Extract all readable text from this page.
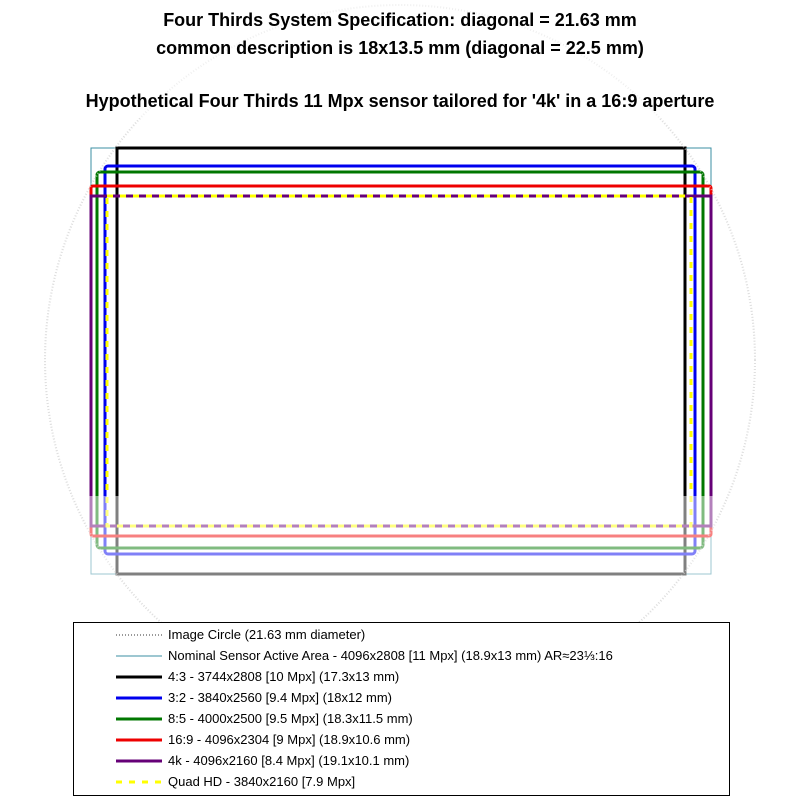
Four Thirds System Specification: diagonal = 21.63 mm
common description is 18x13.5 mm (diagonal = 22.5 mm)
Hypothetical Four Thirds 11 Mpx sensor tailored for '4k' in a 16:9 aperture
Image Circle (21.63 mm diameter)
Nominal Sensor Active Area - 4096x2808 [11 Mpx] (18.9x13 mm) AR≈23⅓:16
4:3 - 3744x2808 [10 Mpx] (17.3x13 mm)
3:2 - 3840x2560 [9.4 Mpx] (18x12 mm)
8:5 - 4000x2500 [9.5 Mpx] (18.3x11.5 mm)
16:9 - 4096x2304 [9 Mpx] (18.9x10.6 mm)
4k - 4096x2160 [8.4 Mpx] (19.1x10.1 mm)
Quad HD - 3840x2160 [7.9 Mpx]
